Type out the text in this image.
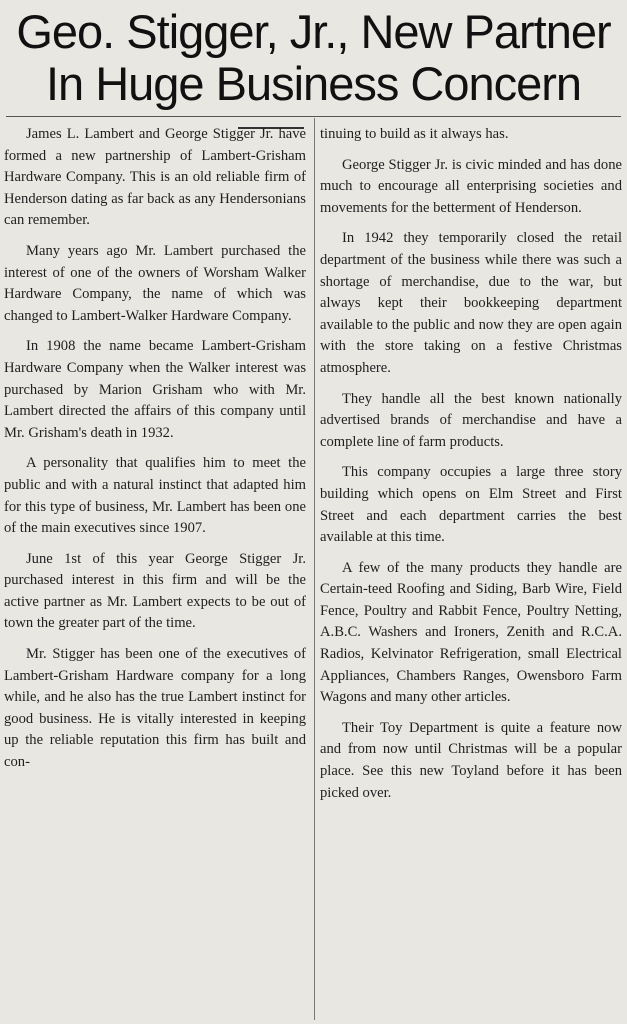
Geo. Stigger, Jr., New Partner
In Huge Business Concern

James L. Lambert and George Stigger Jr. have formed a new partnership of Lambert-Grisham Hardware Company. This is an old reliable firm of Henderson dating as far back as any Hendersonians can remember.

Many years ago Mr. Lambert purchased the interest of one of the owners of Worsham Walker Hardware Company, the name of which was changed to Lambert-Walker Hardware Company.

In 1908 the name became Lambert-Grisham Hardware Company when the Walker interest was purchased by Marion Grisham who with Mr. Lambert directed the affairs of this company until Mr. Grisham's death in 1932.

A personality that qualifies him to meet the public and with a natural instinct that adapted him for this type of business, Mr. Lambert has been one of the main executives since 1907.

June 1st of this year George Stigger Jr. purchased interest in this firm and will be the active partner as Mr. Lambert expects to be out of town the greater part of the time.

Mr. Stigger has been one of the executives of Lambert-Grisham Hardware company for a long while, and he also has the true Lambert instinct for good business. He is vitally interested in keeping up the reliable reputation this firm has built and con-

tinuing to build as it always has.

George Stigger Jr. is civic minded and has done much to encourage all enterprising societies and movements for the betterment of Henderson.

In 1942 they temporarily closed the retail department of the business while there was such a shortage of merchandise, due to the war, but always kept their bookkeeping department available to the public and now they are open again with the store taking on a festive Christmas atmosphere.

They handle all the best known nationally advertised brands of merchandise and have a complete line of farm products.

This company occupies a large three story building which opens on Elm Street and First Street and each department carries the best available at this time.

A few of the many products they handle are Certain-teed Roofing and Siding, Barb Wire, Field Fence, Poultry and Rabbit Fence, Poultry Netting, A.B.C. Washers and Ironers, Zenith and R.C.A. Radios, Kelvinator Refrigeration, small Electrical Appliances, Chambers Ranges, Owensboro Farm Wagons and many other articles.

Their Toy Department is quite a feature now and from now until Christmas will be a popular place. See this new Toyland before it has been picked over.
